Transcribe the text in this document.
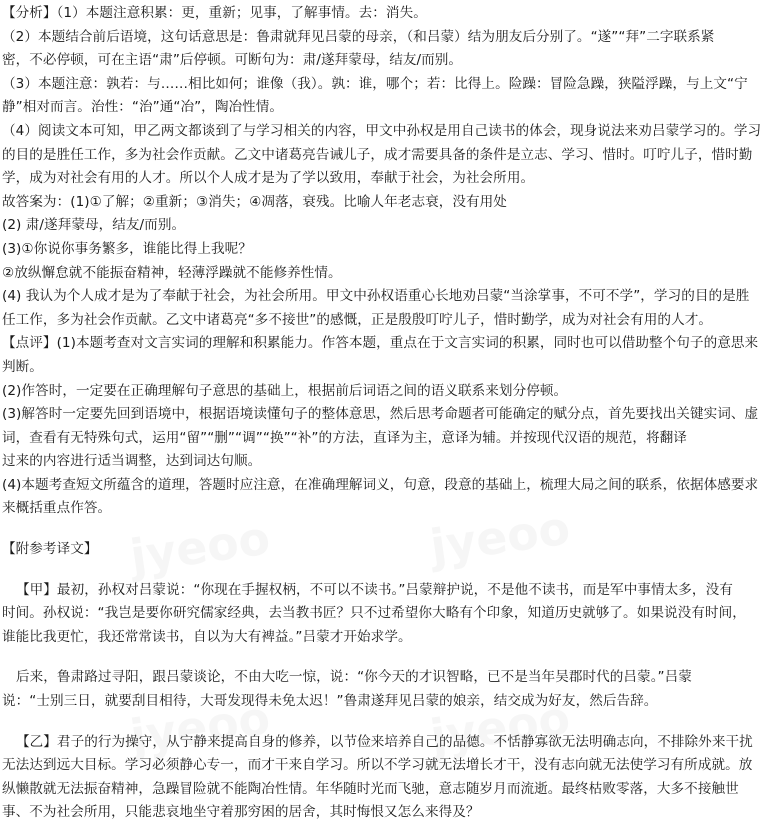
【分析】（1）本题注意积累：更，重新；见事，了解事情。去：消失。
（2）本题结合前后语境，这句话意思是：鲁肃就拜见吕蒙的母亲，（和吕蒙）结为朋友后分别了。“遂”“拜”二字联系紧
密，不必停顿，可在主语“肃”后停顿。可断句为：肃/遂拜蒙母，结友/而别。
（3）本题注意：孰若：与……相比如何；谁像（我）。孰：谁，哪个；若：比得上。险躁：冒险急躁，狭隘浮躁，与上文“宁
静”相对而言。治性：“治”通“冶”，陶冶性情。
（4）阅读文本可知，甲乙两文都谈到了与学习相关的内容，甲文中孙权是用自己读书的体会，现身说法来劝吕蒙学习的。学习
的目的是胜任工作，多为社会作贡献。乙文中诸葛亮告诫儿子，成才需要具备的条件是立志、学习、惜时。叮咛儿子，惜时勤
学，成为对社会有用的人才。所以个人成才是为了学以致用，奉献于社会，为社会所用。
故答案为：(1)①了解；②重新；③消失；④凋落，衰残。比喻人年老志衰，没有用处
(2) 肃/遂拜蒙母，结友/而别。
(3)①你说你事务繁多，谁能比得上我呢？
②放纵懈怠就不能振奋精神，轻薄浮躁就不能修养性情。
(4) 我认为个人成才是为了奉献于社会，为社会所用。甲文中孙权语重心长地劝吕蒙“当涂掌事，不可不学”，学习的目的是胜
任工作，多为社会作贡献。乙文中诸葛亮“多不接世”的感慨，正是殷殷叮咛儿子，惜时勤学，成为对社会有用的人才。
【点评】(1)本题考查对文言实词的理解和积累能力。作答本题，重点在于文言实词的积累，同时也可以借助整个句子的意思来
判断。
(2)作答时，一定要在正确理解句子意思的基础上，根据前后词语之间的语义联系来划分停顿。
(3)解答时一定要先回到语境中，根据语境读懂句子的整体意思，然后思考命题者可能确定的赋分点，首先要找出关键实词、虚
词，查看有无特殊句式，运用“留”“删”“调”“换”“补”的方法，直译为主，意译为辅。并按现代汉语的规范，将翻译
过来的内容进行适当调整，达到词达句顺。
(4)本题考查短文所蕴含的道理，答题时应注意，在准确理解词义，句意，段意的基础上，梳理大局之间的联系，依据体感要求
来概括重点作答。
【附参考译文】
【甲】最初，孙权对吕蒙说：“你现在手握权柄，不可以不读书。”吕蒙辩护说，不是他不读书，而是军中事情太多，没有
时间。孙权说：“我岂是要你研究儒家经典，去当教书匠？只不过希望你大略有个印象，知道历史就够了。如果说没有时间，
谁能比我更忙，我还常常读书，自以为大有裨益。”吕蒙才开始求学。
后来，鲁肃路过寻阳，跟吕蒙谈论，不由大吃一惊，说：“你今天的才识智略，已不是当年吴郡时代的吕蒙。”吕蒙
说：“士别三日，就要刮目相待，大哥发现得未免太迟！”鲁肃遂拜见吕蒙的娘亲，结交成为好友，然后告辞。
【乙】君子的行为操守，从宁静来提高自身的修养，以节俭来培养自己的品德。不恬静寡欲无法明确志向，不排除外来干扰
无法达到远大目标。学习必须静心专一，而才干来自学习。所以不学习就无法增长才干，没有志向就无法使学习有所成就。放
纵懒散就无法振奋精神，急躁冒险就不能陶冶性情。年华随时光而飞驰，意志随岁月而流逝。最终枯败零落，大多不接触世
事、不为社会所用，只能悲哀地坐守着那穷困的居舍，其时悔恨又怎么来得及？
